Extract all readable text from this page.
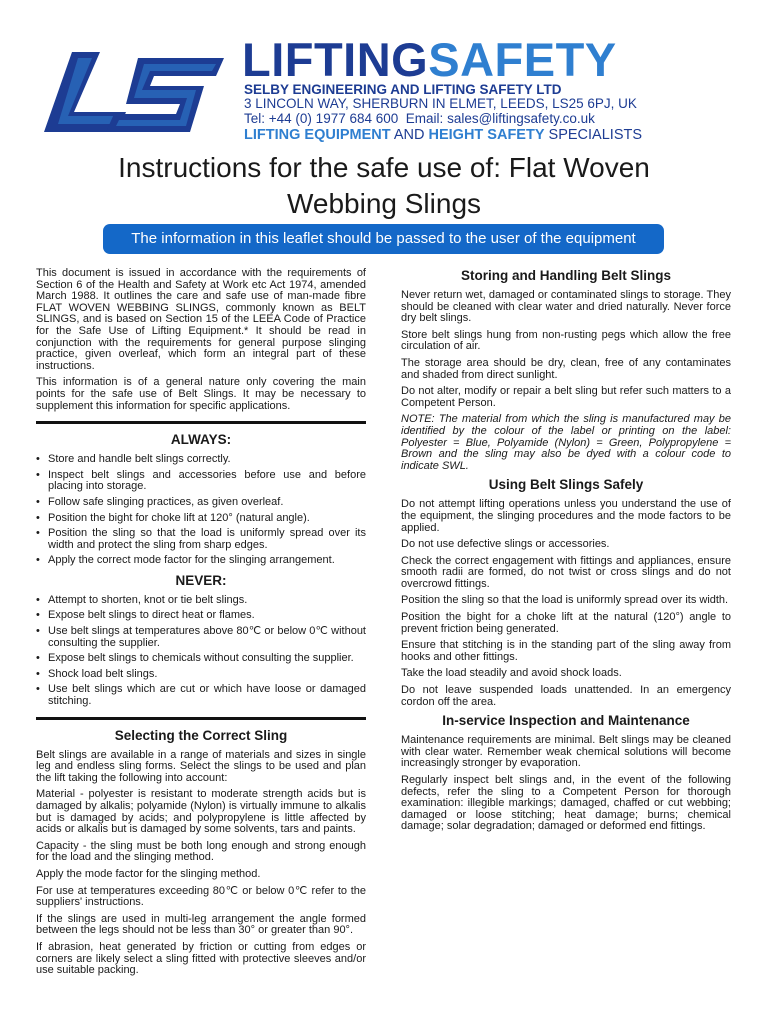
LIFTINGSAFETY
SELBY ENGINEERING AND LIFTING SAFETY LTD
3 LINCOLN WAY, SHERBURN IN ELMET, LEEDS, LS25 6PJ, UK
Tel: +44 (0) 1977 684 600 Email: sales@liftingsafety.co.uk
LIFTING EQUIPMENT AND HEIGHT SAFETY SPECIALISTS
Instructions for the safe use of: Flat Woven
Webbing Slings
The information in this leaflet should be passed to the user of the equipment

This document is issued in accordance with the requirements of Section 6 of the Health and Safety at Work etc Act 1974, amended March 1988. It outlines the care and safe use of man-made fibre FLAT WOVEN WEBBING SLINGS, commonly known as BELT SLINGS, and is based on Section 15 of the LEEA Code of Practice for the Safe Use of Lifting Equipment.* It should be read in conjunction with the requirements for general purpose slinging practice, given overleaf, which form an integral part of these instructions.

This information is of a general nature only covering the main points for the safe use of Belt Slings. It may be necessary to supplement this information for specific applications.

ALWAYS:
• Store and handle belt slings correctly.
• Inspect belt slings and accessories before use and before placing into storage.
• Follow safe slinging practices, as given overleaf.
• Position the bight for choke lift at 120° (natural angle).
• Position the sling so that the load is uniformly spread over its width and protect the sling from sharp edges.
• Apply the correct mode factor for the slinging arrangement.
NEVER:
• Attempt to shorten, knot or tie belt slings.
• Expose belt slings to direct heat or flames.
• Use belt slings at temperatures above 80℃ or below 0℃ without consulting the supplier.
• Expose belt slings to chemicals without consulting the supplier.
• Shock load belt slings.
• Use belt slings which are cut or which have loose or damaged stitching.
Selecting the Correct Sling

Belt slings are available in a range of materials and sizes in single leg and endless sling forms. Select the slings to be used and plan the lift taking the following into account:

Material - polyester is resistant to moderate strength acids but is damaged by alkalis; polyamide (Nylon) is virtually immune to alkalis but is damaged by acids; and polypropylene is little affected by acids or alkalis but is damaged by some solvents, tars and paints.

Capacity - the sling must be both long enough and strong enough for the load and the slinging method.

Apply the mode factor for the slinging method.

For use at temperatures exceeding 80℃ or below 0℃ refer to the suppliers' instructions.

If the slings are used in multi-leg arrangement the angle formed between the legs should not be less than 30° or greater than 90°.

If abrasion, heat generated by friction or cutting from edges or corners are likely select a sling fitted with protective sleeves and/or use suitable packing.

Storing and Handling Belt Slings

Never return wet, damaged or contaminated slings to storage. They should be cleaned with clear water and dried naturally. Never force dry belt slings.

Store belt slings hung from non-rusting pegs which allow the free circulation of air.

The storage area should be dry, clean, free of any contaminates and shaded from direct sunlight.

Do not alter, modify or repair a belt sling but refer such matters to a Competent Person.

NOTE: The material from which the sling is manufactured may be identified by the colour of the label or printing on the label: Polyester = Blue, Polyamide (Nylon) = Green, Polypropylene = Brown and the sling may also be dyed with a colour code to indicate SWL.

Using Belt Slings Safely

Do not attempt lifting operations unless you understand the use of the equipment, the slinging procedures and the mode factors to be applied.

Do not use defective slings or accessories.

Check the correct engagement with fittings and appliances, ensure smooth radii are formed, do not twist or cross slings and do not overcrowd fittings.

Position the sling so that the load is uniformly spread over its width.

Position the bight for a choke lift at the natural (120°) angle to prevent friction being generated.

Ensure that stitching is in the standing part of the sling away from hooks and other fittings.

Take the load steadily and avoid shock loads.

Do not leave suspended loads unattended. In an emergency cordon off the area.

In-service Inspection and Maintenance

Maintenance requirements are minimal. Belt slings may be cleaned with clear water. Remember weak chemical solutions will become increasingly stronger by evaporation.

Regularly inspect belt slings and, in the event of the following defects, refer the sling to a Competent Person for thorough examination: illegible markings; damaged, chaffed or cut webbing; damaged or loose stitching; heat damage; burns; chemical damage; solar degradation; damaged or deformed end fittings.
